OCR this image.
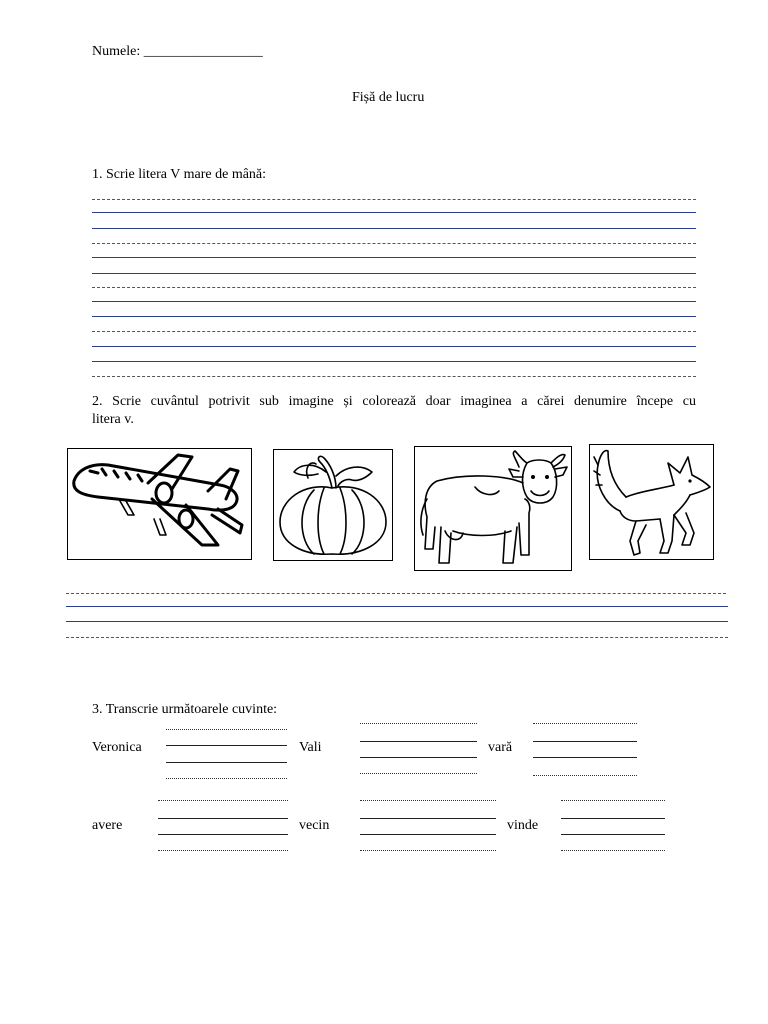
Numele: _________________
Fișă de lucru
1. Scrie litera V mare de mână:
2. Scrie cuvântul potrivit sub imagine și colorează doar imaginea a cărei denumire începe cu
litera v.
3. Transcrie următoarele cuvinte:
Veronica	Vali	vară
avere	vecin	vinde
